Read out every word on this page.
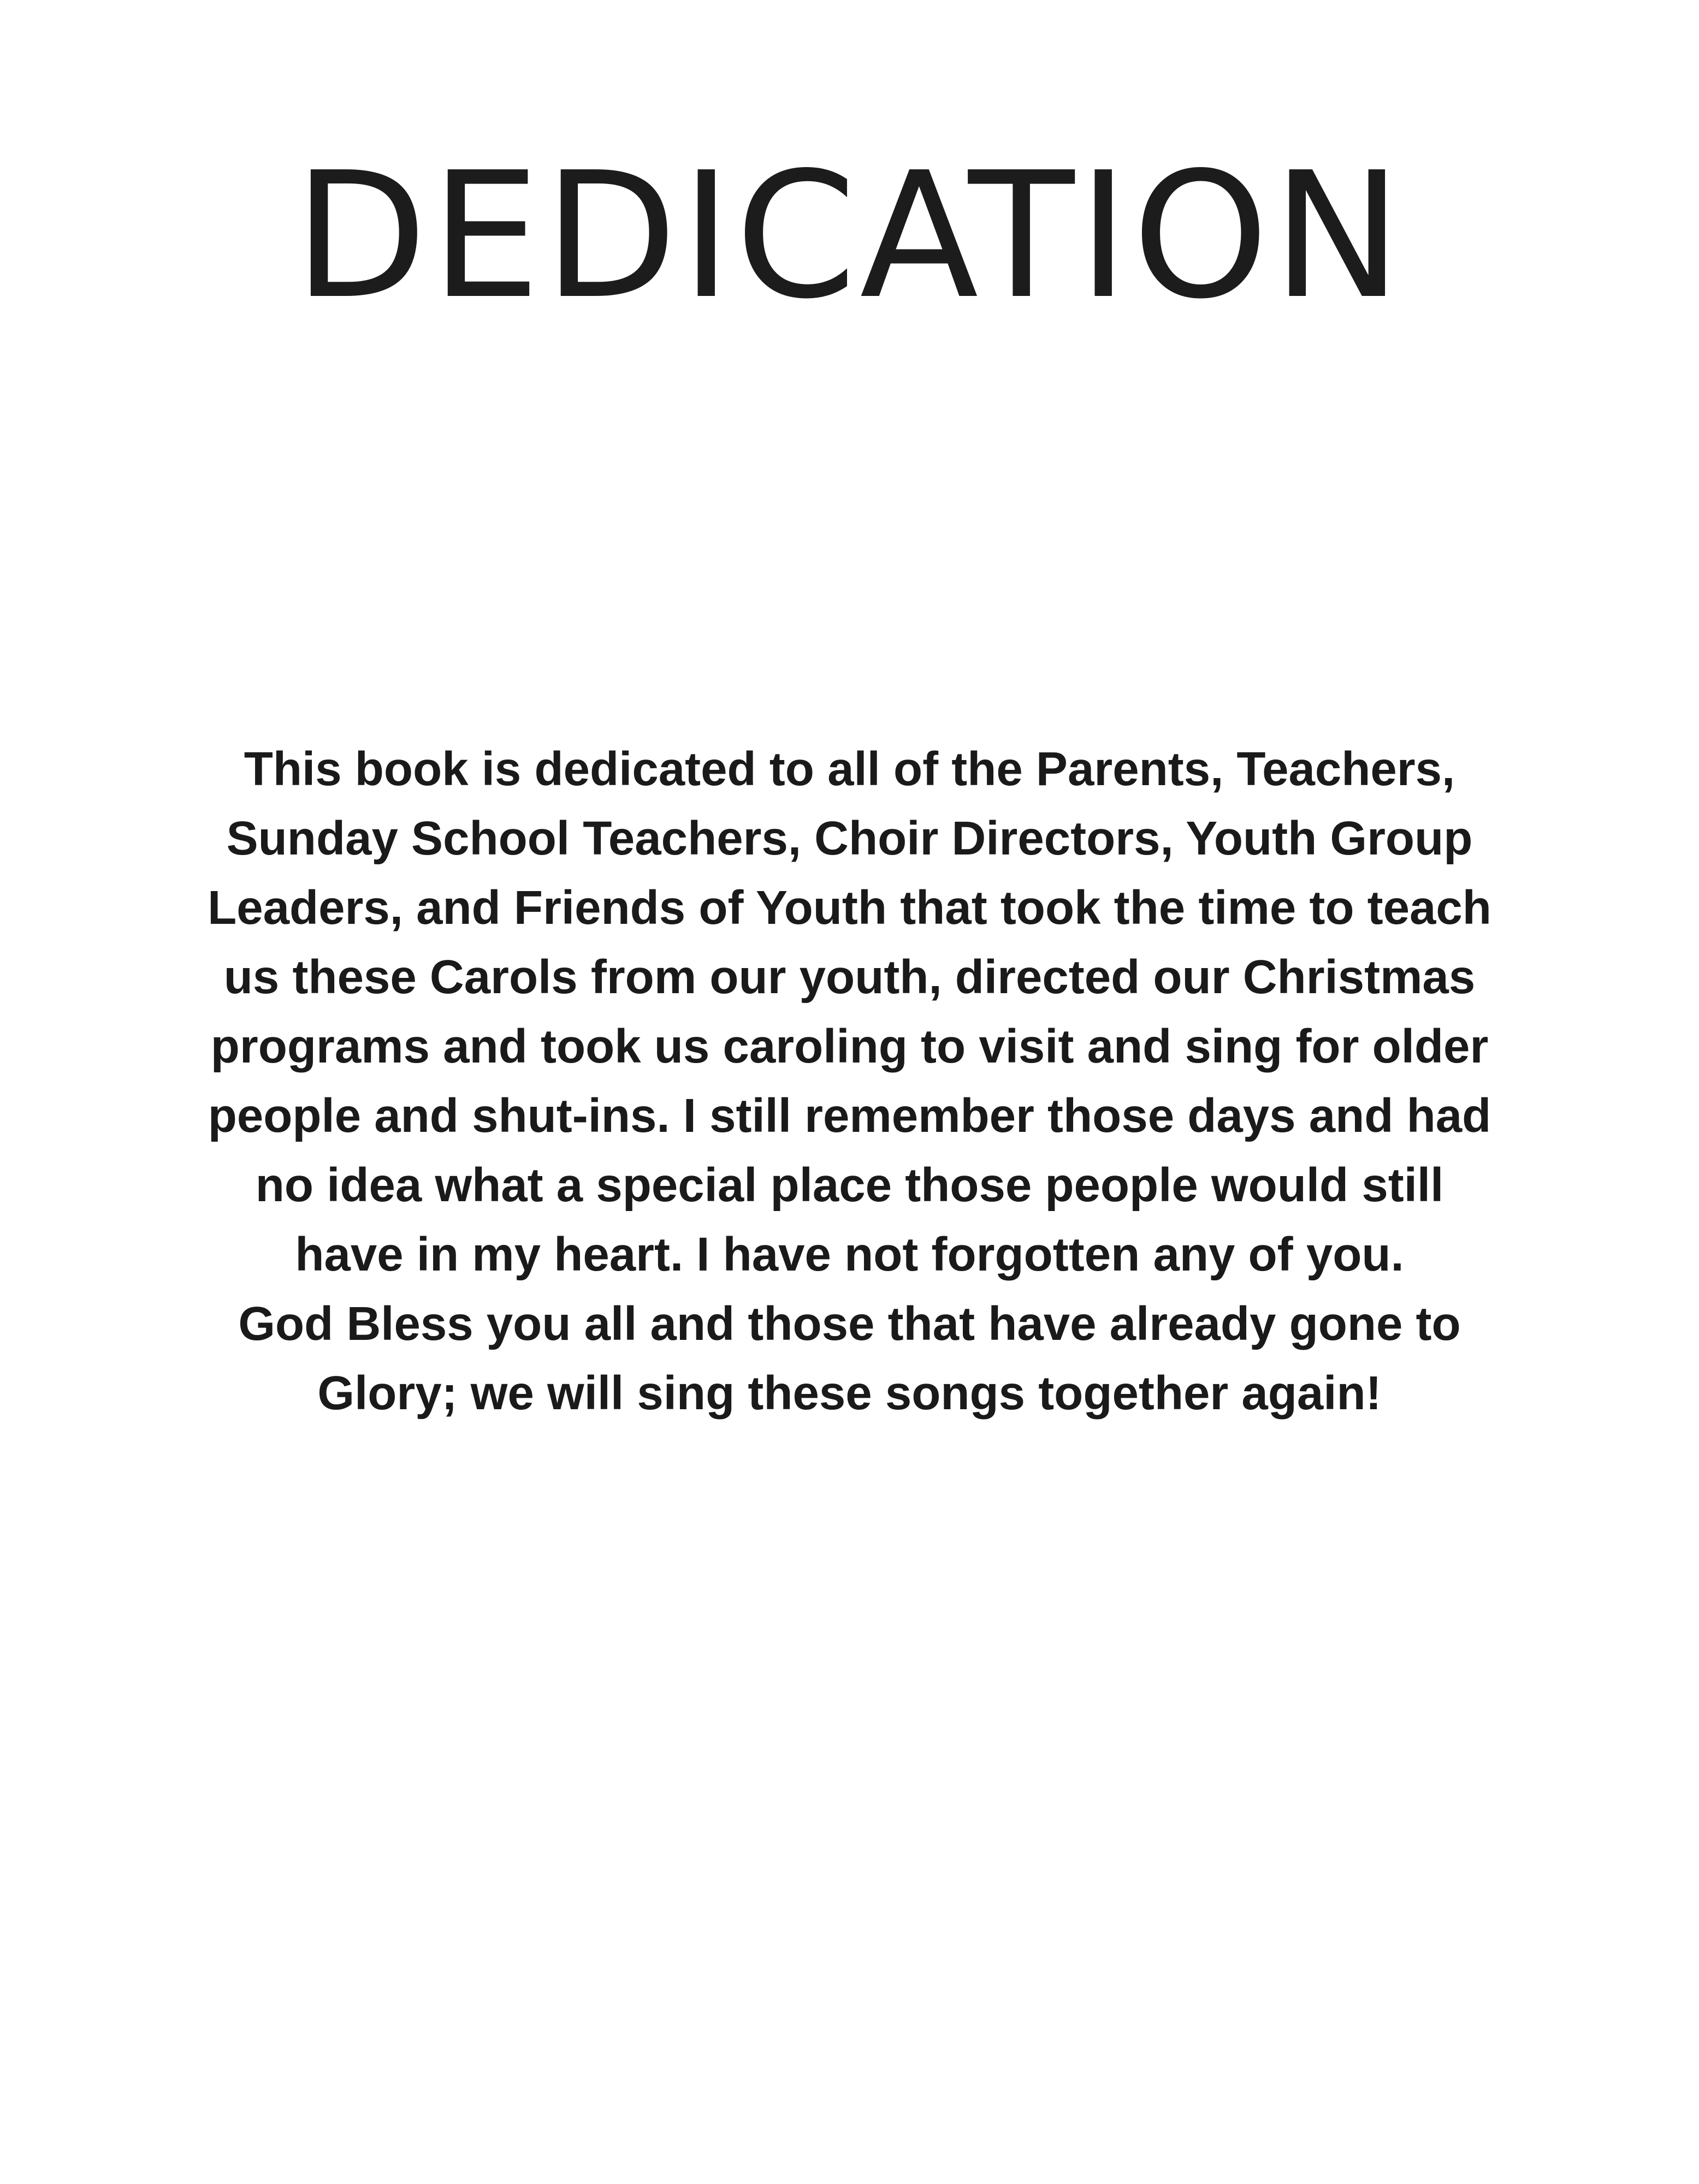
DEDICATION
This book is dedicated to all of the Parents, Teachers,
Sunday School Teachers, Choir Directors, Youth Group
Leaders, and Friends of Youth that took the time to teach
us these Carols from our youth, directed our Christmas
programs and took us caroling to visit and sing for older
people and shut-ins. I still remember those days and had
no idea what a special place those people would still
have in my heart. I have not forgotten any of you.
God Bless you all and those that have already gone to
Glory; we will sing these songs together again!
